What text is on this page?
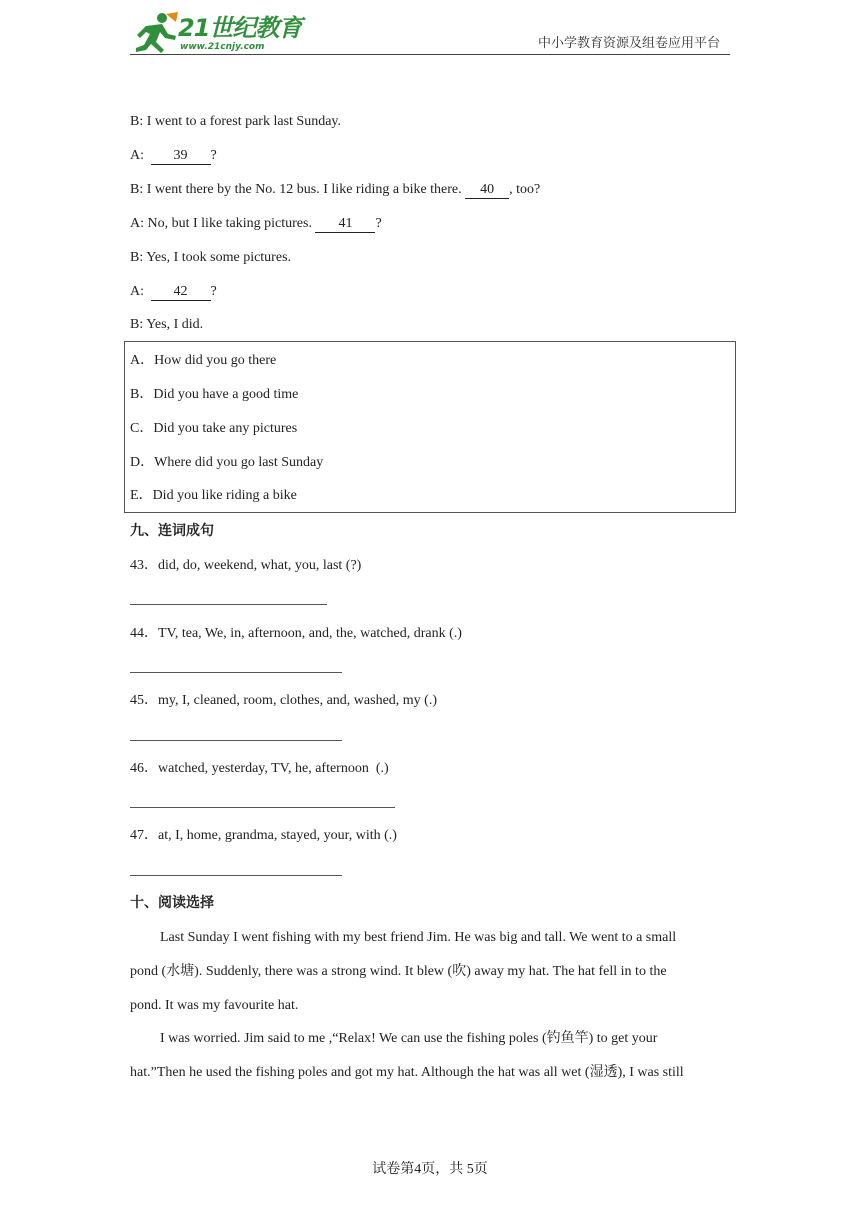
21世纪教育
www.21cnjy.com	中小学教育资源及组卷应用平台
B: I went to a forest park last Sunday.
A: 39 ?
B: I went there by the No. 12 bus. I like riding a bike there. 40 , too?
A: No, but I like taking pictures. 41 ?
B: Yes, I took some pictures.
A: 42 ?
B: Yes, I did.
A．How did you go there
B．Did you have a good time
C．Did you take any pictures
D．Where did you go last Sunday
E．Did you like riding a bike
九、连词成句
43．did, do, weekend, what, you, last (?)
44．TV, tea, We, in, afternoon, and, the, watched, drank (.)
45．my, I, cleaned, room, clothes, and, washed, my (.)
46．watched, yesterday, TV, he, afternoon  (.)
47．at, I, home, grandma, stayed, your, with (.)
十、阅读选择
Last Sunday I went fishing with my best friend Jim. He was big and tall. We went to a small
pond (水塘). Suddenly, there was a strong wind. It blew (吹) away my hat. The hat fell in to the
pond. It was my favourite hat.
I was worried. Jim said to me ,“Relax! We can use the fishing poles (钓鱼竿) to get your
hat.”Then he used the fishing poles and got my hat. Although the hat was all wet (湿透), I was still
试卷第4页，共 5页
